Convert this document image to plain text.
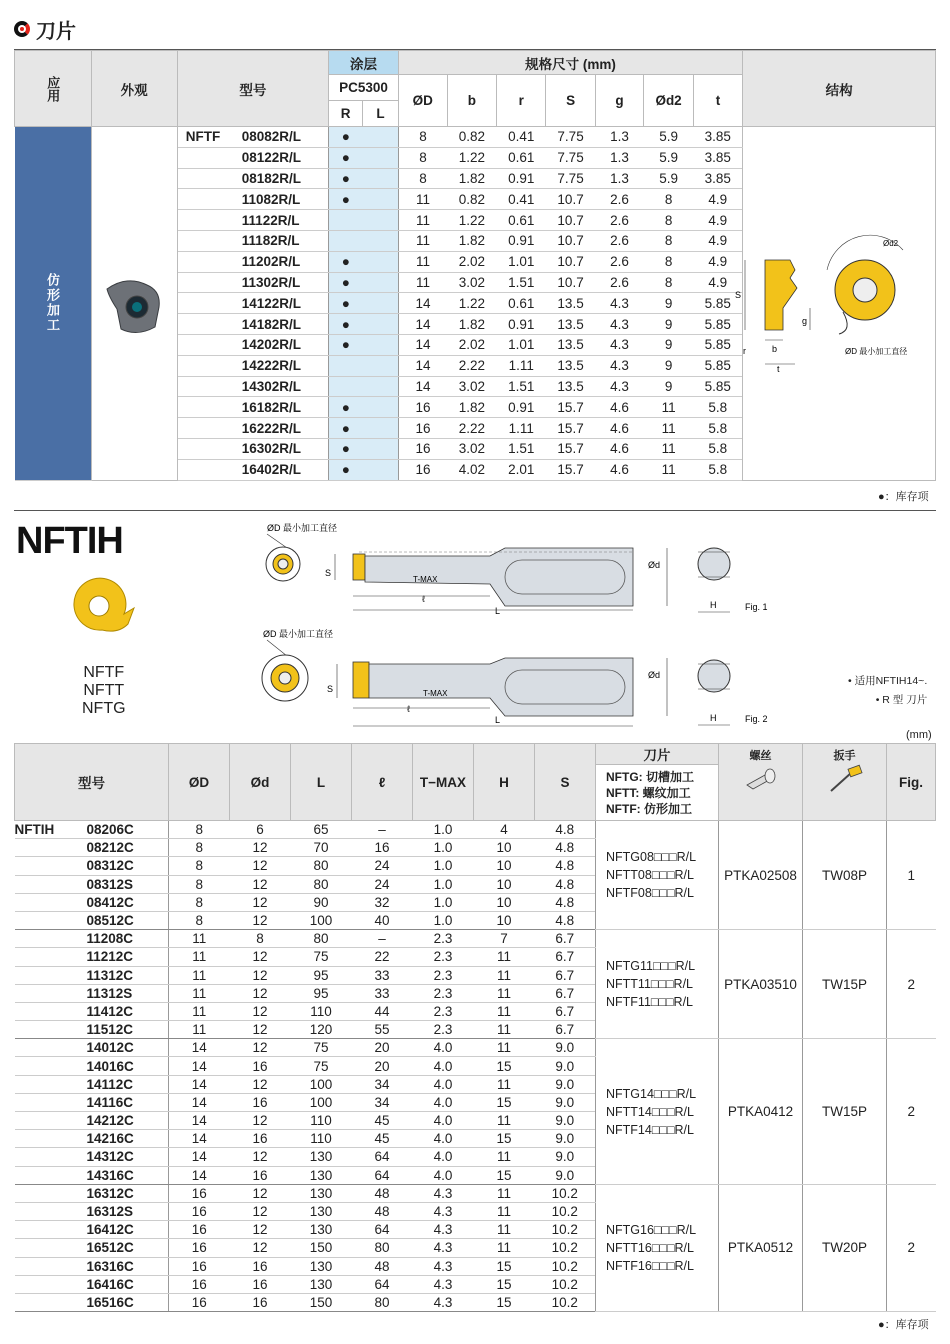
刀片
应用	外观	型号		涂层		规格尺寸 (mm)							结构
				PC5300		ØD	b	r	S	g	Ød2	t	
				R	L								
仿形加工		NFTF	08082R/L	●		8	0.82	0.41	7.75	1.3	5.9	3.85	
			08122R/L	●		8	1.22	0.61	7.75	1.3	5.9	3.85	
			08182R/L	●		8	1.82	0.91	7.75	1.3	5.9	3.85	
			11082R/L	●		11	0.82	0.41	10.7	2.6	8	4.9	
			11122R/L			11	1.22	0.61	10.7	2.6	8	4.9	
			11182R/L			11	1.82	0.91	10.7	2.6	8	4.9	
			11202R/L	●		11	2.02	1.01	10.7	2.6	8	4.9	
			11302R/L	●		11	3.02	1.51	10.7	2.6	8	4.9	
			14122R/L	●		14	1.22	0.61	13.5	4.3	9	5.85	
			14182R/L	●		14	1.82	0.91	13.5	4.3	9	5.85	
			14202R/L	●		14	2.02	1.01	13.5	4.3	9	5.85	
			14222R/L			14	2.22	1.11	13.5	4.3	9	5.85	
			14302R/L			14	3.02	1.51	13.5	4.3	9	5.85	
			16182R/L	●		16	1.82	0.91	15.7	4.6	11	5.8	
			16222R/L	●		16	2.22	1.11	15.7	4.6	11	5.8	
			16302R/L	●		16	3.02	1.51	15.7	4.6	11	5.8	
			16402R/L	●		16	4.02	2.01	15.7	4.6	11	5.8	
●：库存项
NFTIH
NFTF
NFTT
NFTG
ØD 最小加工直径
S
T-MAX
ℓ
L
Ød
H	Fig. 1
ØD 最小加工直径
S	T-MAX
ℓ
L
Ød
H	Fig. 2
• 适用NFTIH14~.
• R 型 刀片
(mm)
型号		ØD	Ød	L	ℓ	T−MAX	H	S	刀片	螺丝	扳手	Fig.

									NFTG: 切槽加工
NFTT: 螺纹加工
NFTF: 仿形加工			

NFTIH	08206C	8	6	65	–	1.0	4	4.8	NFTG08□□□R/L
NFTT08□□□R/L
NFTF08□□□R/L	PTKA02508	TW08P	1
	08212C	8	12	70	16	1.0	10	4.8				
	08312C	8	12	80	24	1.0	10	4.8				
	08312S	8	12	80	24	1.0	10	4.8				
	08412C	8	12	90	32	1.0	10	4.8				
	08512C	8	12	100	40	1.0	10	4.8				
	11208C	11	8	80	–	2.3	7	6.7	NFTG11□□□R/L
NFTT11□□□R/L
NFTF11□□□R/L	PTKA03510	TW15P	2
	11212C	11	12	75	22	2.3	11	6.7				
	11312C	11	12	95	33	2.3	11	6.7				
	11312S	11	12	95	33	2.3	11	6.7				
	11412C	11	12	110	44	2.3	11	6.7				
	11512C	11	12	120	55	2.3	11	6.7				
	14012C	14	12	75	20	4.0	11	9.0	NFTG14□□□R/L
NFTT14□□□R/L
NFTF14□□□R/L	PTKA0412	TW15P	2
	14016C	14	16	75	20	4.0	15	9.0				
	14112C	14	12	100	34	4.0	11	9.0				
	14116C	14	16	100	34	4.0	15	9.0				
	14212C	14	12	110	45	4.0	11	9.0				
	14216C	14	16	110	45	4.0	15	9.0				
	14312C	14	12	130	64	4.0	11	9.0				
	14316C	14	16	130	64	4.0	15	9.0				
	16312C	16	12	130	48	4.3	11	10.2	NFTG16□□□R/L
NFTT16□□□R/L
NFTF16□□□R/L	PTKA0512	TW20P	2
	16312S	16	12	130	48	4.3	11	10.2				
	16412C	16	12	130	64	4.3	11	10.2				
	16512C	16	12	150	80	4.3	11	10.2				
	16316C	16	16	130	48	4.3	15	10.2				
	16416C	16	16	130	64	4.3	15	10.2				
	16516C	16	16	150	80	4.3	15	10.2				
●：库存项
S
g
r	b
t
Ød2
ØD 最小加工直径
